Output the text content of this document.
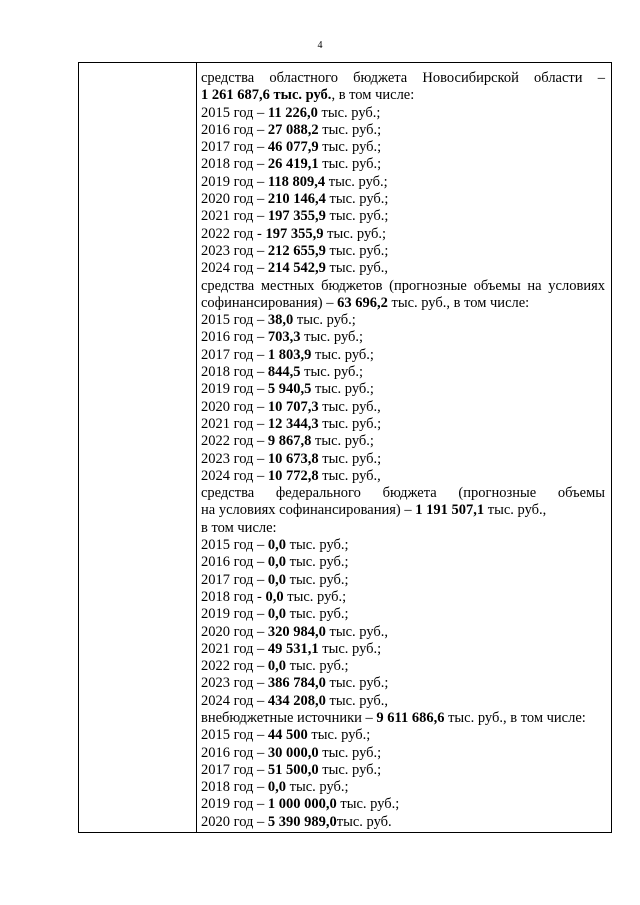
4
средства областного бюджета Новосибирской области –
1 261 687,6 тыс. руб., в том числе:
2015 год – 11 226,0 тыс. руб.;
2016 год – 27 088,2 тыс. руб.;
2017 год – 46 077,9 тыс. руб.;
2018 год – 26 419,1 тыс. руб.;
2019 год – 118 809,4 тыс. руб.;
2020 год – 210 146,4 тыс. руб.;
2021 год – 197 355,9 тыс. руб.;
2022 год - 197 355,9 тыс. руб.;
2023 год – 212 655,9 тыс. руб.;
2024 год – 214 542,9 тыс. руб.,
средства местных бюджетов (прогнозные объемы на условиях
софинансирования) – 63 696,2 тыс. руб., в том числе:
2015 год – 38,0 тыс. руб.;
2016 год – 703,3 тыс. руб.;
2017 год – 1 803,9 тыс. руб.;
2018 год – 844,5 тыс. руб.;
2019 год – 5 940,5 тыс. руб.;
2020 год – 10 707,3 тыс. руб.,
2021 год – 12 344,3 тыс. руб.;
2022 год – 9 867,8 тыс. руб.;
2023 год – 10 673,8 тыс. руб.;
2024 год – 10 772,8 тыс. руб.,
средства федерального бюджета (прогнозные объемы
на условиях софинансирования) – 1 191 507,1 тыс. руб.,
в том числе:
2015 год – 0,0 тыс. руб.;
2016 год – 0,0 тыс. руб.;
2017 год – 0,0 тыс. руб.;
2018 год - 0,0 тыс. руб.;
2019 год – 0,0 тыс. руб.;
2020 год – 320 984,0 тыс. руб.,
2021 год – 49 531,1 тыс. руб.;
2022 год – 0,0 тыс. руб.;
2023 год – 386 784,0 тыс. руб.;
2024 год – 434 208,0 тыс. руб.,
внебюджетные источники – 9 611 686,6 тыс. руб., в том числе:
2015 год – 44 500 тыс. руб.;
2016 год – 30 000,0 тыс. руб.;
2017 год – 51 500,0 тыс. руб.;
2018 год – 0,0 тыс. руб.;
2019 год – 1 000 000,0 тыс. руб.;
2020 год – 5 390 989,0тыс. руб.
